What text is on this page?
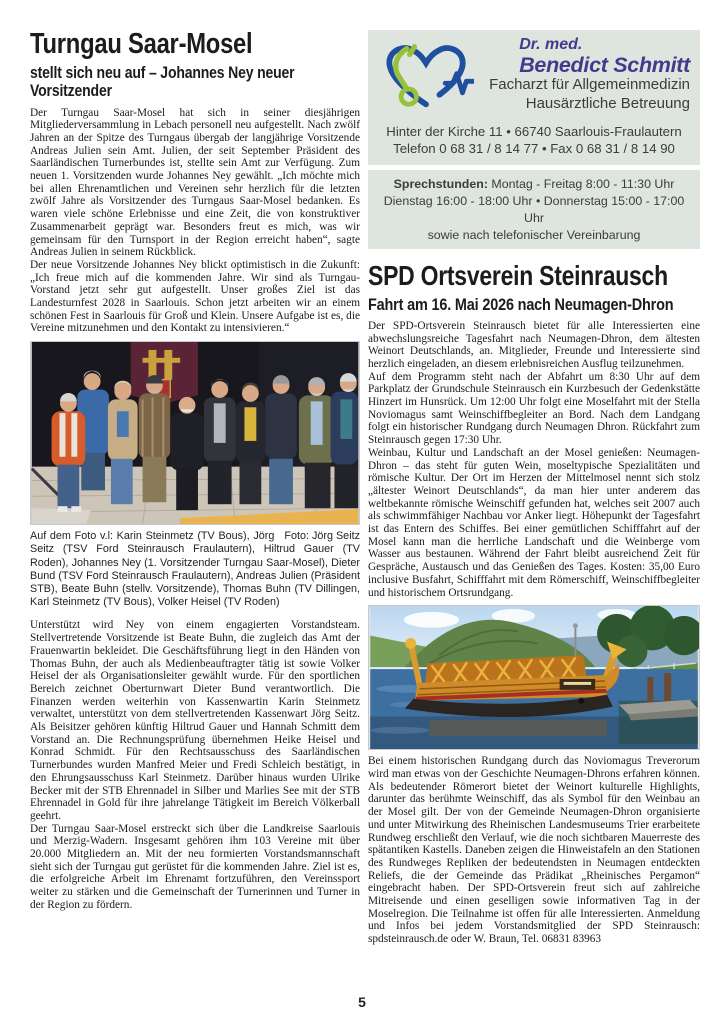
Turngau Saar-Mosel
stellt sich neu auf – Johannes Ney neuer Vorsitzender

Der Turngau Saar-Mosel hat sich in seiner diesjährigen Mitgliederversammlung in Lebach personell neu aufgestellt. Nach zwölf Jahren an der Spitze des Turngaus übergab der langjährige Vorsitzende Andreas Julien sein Amt. Julien, der seit September Präsident des Saarländischen Turnerbundes ist, stellte sein Amt zur Verfügung. Zum neuen 1. Vorsitzenden wurde Johannes Ney gewählt. „Ich möchte mich bei allen Ehrenamtlichen und Vereinen sehr herzlich für die letzten zwölf Jahre als Vorsitzender des Turngaus Saar-Mosel bedanken. Es waren viele schöne Erlebnisse und eine Zeit, die von konstruktiver Zusammenarbeit geprägt war. Besonders freut es mich, was wir gemeinsam für den Turnsport in der Region erreicht haben“, sagte Andreas Julien in seinem Rückblick.

Der neue Vorsitzende Johannes Ney blickt optimistisch in die Zukunft: „Ich freue mich auf die kommenden Jahre. Wir sind als Turngau-Vorstand jetzt sehr gut aufgestellt. Unser großes Ziel ist das Landesturnfest 2028 in Saarlouis. Schon jetzt arbeiten wir an einem schönen Fest in Saarlouis für Groß und Klein. Unsere Aufgabe ist es, die Vereine mitzunehmen und den Kontakt zu intensivieren.“

Foto: Jörg Seitz
Auf dem Foto v.l: Karin Steinmetz (TV Bous), Jörg Seitz (TSV Ford Steinrausch Fraulautern), Hiltrud Gauer (TV Roden), Johannes Ney (1. Vorsitzender Turngau Saar-Mosel), Dieter Bund (TSV Ford Steinrausch Fraulautern), Andreas Julien (Präsident STB), Beate Buhn (stellv. Vorsitzende), Thomas Buhn (TV Dillingen, Karl Steinmetz (TV Bous), Volker Heisel (TV Roden)

Unterstützt wird Ney von einem engagierten Vorstandsteam. Stellvertretende Vorsitzende ist Beate Buhn, die zugleich das Amt der Frauenwartin bekleidet. Die Geschäftsführung liegt in den Händen von Thomas Buhn, der auch als Medienbeauftragter tätig ist sowie Volker Heisel der als Organisationsleiter gewählt wurde. Für den sportlichen Bereich zeichnet Oberturnwart Dieter Bund verantwortlich. Die Finanzen werden weiterhin von Kassenwartin Karin Steinmetz verwaltet, unterstützt von dem stellvertretenden Kassenwart Jörg Seitz. Als Beisitzer gehören künftig Hiltrud Gauer und Hannah Schmitt dem Vorstand an. Die Rechnungsprüfung übernehmen Heike Heisel und Konrad Schmidt. Für den Rechtsausschuss des Saarländischen Turnerbundes wurden Manfred Meier und Fredi Schleich bestätigt, in den Ehrungsausschuss Karl Steinmetz. Darüber hinaus wurden Ulrike Becker mit der STB Ehrennadel in Silber und Marlies See mit der STB Ehrennadel in Gold für ihre jahrelange Tätigkeit im Bereich Völkerball geehrt.

Der Turngau Saar-Mosel erstreckt sich über die Landkreise Saarlouis und Merzig-Wadern. Insgesamt gehören ihm 103 Vereine mit über 20.000 Mitgliedern an. Mit der neu formierten Vorstandsmannschaft sieht sich der Turngau gut gerüstet für die kommenden Jahre. Ziel ist es, die erfolgreiche Arbeit im Ehrenamt fortzuführen, den Vereinssport weiter zu stärken und die Gemeinschaft der Turnerinnen und Turner in der Region zu fördern.

Dr. med.
Benedict Schmitt
Facharzt für Allgemeinmedizin
Hausärztliche Betreuung
Hinter der Kirche 11 • 66740 Saarlouis-Fraulautern
Telefon 0 68 31 / 8 14 77 • Fax 0 68 31 / 8 14 90
Sprechstunden: Montag - Freitag 8:00 - 11:30 Uhr
Dienstag 16:00 - 18:00 Uhr • Donnerstag 15:00 - 17:00 Uhr
sowie nach telefonischer Vereinbarung
SPD Ortsverein Steinrausch
Fahrt am 16. Mai 2026 nach Neumagen-Dhron

Der SPD-Ortsverein Steinrausch bietet für alle Interessierten eine abwechslungsreiche Tagesfahrt nach Neumagen-Dhron, dem ältesten Weinort Deutschlands, an. Mitglieder, Freunde und Interessierte sind herzlich eingeladen, an diesem erlebnisreichen Ausflug teilzunehmen.

Auf dem Programm steht nach der Abfahrt um 8:30 Uhr auf dem Parkplatz der Grundschule Steinrausch ein Kurzbesuch der Gedenkstätte Hinzert im Hunsrück. Um 12:00 Uhr folgt eine Moselfahrt mit der Stella Noviomagus samt Weinschiffbegleiter an Bord. Nach dem Landgang folgt ein historischer Rundgang durch Neumagen Dhron. Rückfahrt zum Steinrausch gegen 17:30 Uhr.

Weinbau, Kultur und Landschaft an der Mosel genießen: Neumagen-Dhron – das steht für guten Wein, moseltypische Spezialitäten und römische Kultur. Der Ort im Herzen der Mittelmosel nennt sich stolz „ältester Weinort Deutschlands“, da man hier unter anderem das weltbekannte römische Weinschiff gefunden hat, welches seit 2007 auch als schwimmfähiger Nachbau vor Anker liegt. Höhepunkt der Tagesfahrt ist das Entern des Schiffes. Bei einer gemütlichen Schifffahrt auf der Mosel kann man die herrliche Landschaft und die Weinberge vom Wasser aus bestaunen. Während der Fahrt bleibt ausreichend Zeit für Gespräche, Austausch und das Genießen des Tages. Kosten: 35,00 Euro inclusive Busfahrt, Schifffahrt mit dem Römerschiff, Weinschiffbegleiter und historischem Ortsrundgang.

Bei einem historischen Rundgang durch das Noviomagus Treverorum wird man etwas von der Geschichte Neumagen-Dhrons erfahren können. Als bedeutender Römerort bietet der Weinort kulturelle Highlights, darunter das berühmte Weinschiff, das als Symbol für den Weinbau an der Mosel gilt. Der von der Gemeinde Neumagen-Dhron organisierte und unter Mitwirkung des Rheinischen Landesmuseums Trier erarbeitete Rundweg erschließt den Verlauf, wie die noch sichtbaren Mauerreste des spätantiken Kastells. Daneben zeigen die Hinweistafeln an den Stationen des Rundweges Repliken der bedeutendsten in Neumagen entdeckten Reliefs, die der Gemeinde das Prädikat „Rheinisches Pergamon“ eingebracht haben. Der SPD-Ortsverein freut sich auf zahlreiche Mitreisende und einen geselligen sowie informativen Tag in der Moselregion. Die Teilnahme ist offen für alle Interessierten. Anmeldung und Infos bei jedem Vorstandsmitglied der SPD Steinrausch: spdsteinrausch.de oder W. Braun, Tel. 06831 83963

5
